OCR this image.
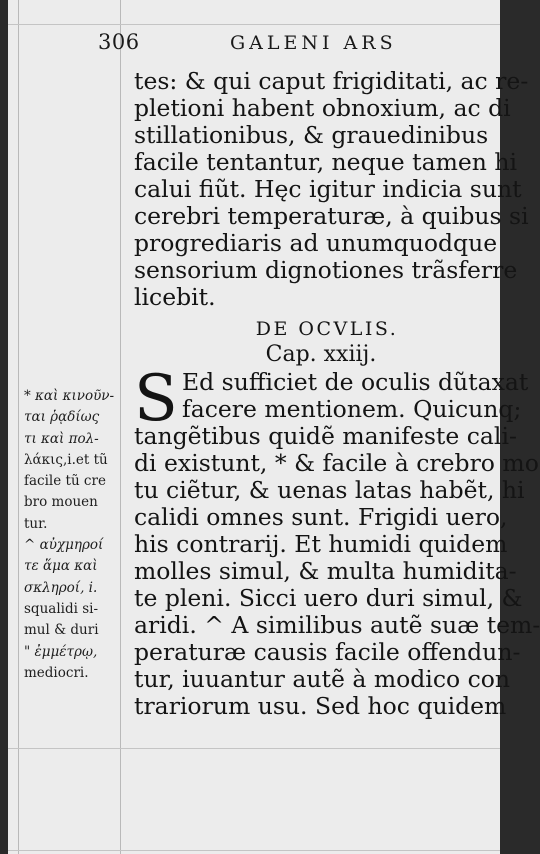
306	GALENI ARS
tes: & qui caput frigiditati, ac re-
pletioni habent obnoxium, ac di
stillationibus, & grauedinibus
facile tentantur, neque tamen hi
calui fiũt. Hęc igitur indicia sunt
cerebri temperaturæ, à quibus si
progrediaris ad unumquodque
sensorium dignotiones trãsferre
licebit.
DE OCVLIS.
Cap. xxiij.
S Ed sufficiet de oculis dũtaxat
facere mentionem. Quicunq;
tangẽtibus quidẽ manifeste cali-
di existunt, * & facile à crebro mo
tu ciẽtur, & uenas latas habẽt, hi
calidi omnes sunt. Frigidi uero,
his contrarij. Et humidi quidem
molles simul, & multa humidita-
te pleni. Sicci uero duri simul, &
aridi. ^ A similibus autẽ suæ tem-
peraturæ causis facile offendun-
tur, iuuantur autẽ à modico con
trariorum usu. Sed hoc quidem
* καὶ κινοῦν-
ται ῥᾳδίως
τι καὶ πολ-
λάκις,i.et tũ
facile tũ cre
bro mouen
tur.
^ αὐχμηροί
τε ἅμα καὶ
σκληροί, i.
squalidi si-
mul & duri
" ἐμμέτρῳ,
mediocri.
